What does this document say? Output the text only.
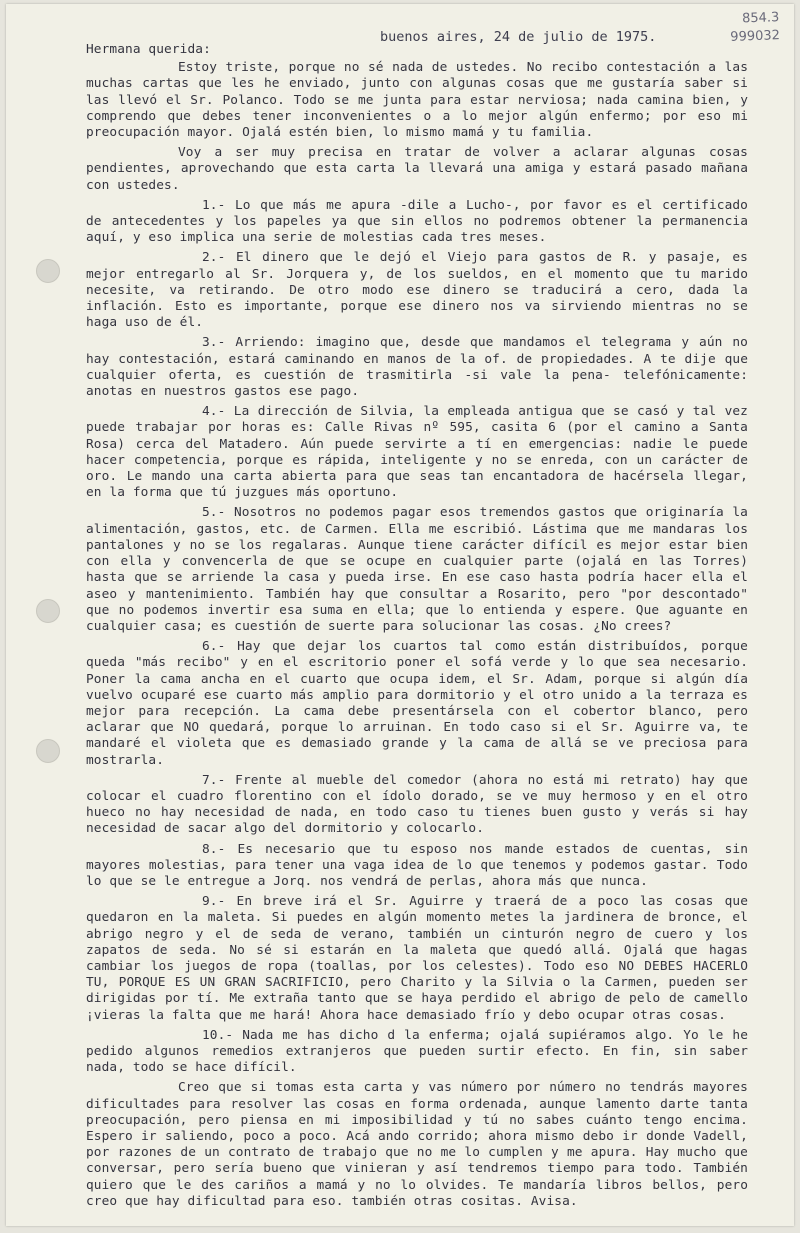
854.3
999032
buenos aires, 24 de julio de 1975.

Hermana querida:

Estoy triste, porque no sé nada de ustedes. No recibo contestación a las muchas cartas que les he enviado, junto con algunas cosas que me gustaría saber si las llevó el Sr. Polanco. Todo se me junta para estar nerviosa; nada camina bien, y comprendo que debes tener inconvenientes o a lo mejor algún enfermo; por eso mi preocupación mayor. Ojalá estén bien, lo mismo mamá y tu familia.

Voy a ser muy precisa en tratar de volver a aclarar algunas cosas pendientes, aprovechando que esta carta la llevará una amiga y estará pasado mañana con ustedes.

1.- Lo que más me apura -dile a Lucho-, por favor es el certificado de antecedentes y los papeles ya que sin ellos no podremos obtener la permanencia aquí, y eso implica una serie de molestias cada tres meses.

2.- El dinero que le dejó el Viejo para gastos de R. y pasaje, es mejor entregarlo al Sr. Jorquera y, de los sueldos, en el momento que tu marido necesite, va retirando. De otro modo ese dinero se traducirá a cero, dada la inflación. Esto es importante, porque ese dinero nos va sirviendo mientras no se haga uso de él.

3.- Arriendo: imagino que, desde que mandamos el telegrama y aún no hay contestación, estará caminando en manos de la of. de propiedades. A te dije que cualquier oferta, es cuestión de trasmitirla -si vale la pena- telefónicamente: anotas en nuestros gastos ese pago.

4.- La dirección de Silvia, la empleada antigua que se casó y tal vez puede trabajar por horas es: Calle Rivas nº 595, casita 6 (por el camino a Santa Rosa) cerca del Matadero. Aún puede servirte a tí en emergencias: nadie le puede hacer competencia, porque es rápida, inteligente y no se enreda, con un carácter de oro. Le mando una carta abierta para que seas tan encantadora de hacérsela llegar, en la forma que tú juzgues más oportuno.

5.- Nosotros no podemos pagar esos tremendos gastos que originaría la alimentación, gastos, etc. de Carmen. Ella me escribió. Lástima que me mandaras los pantalones y no se los regalaras. Aunque tiene carácter difícil es mejor estar bien con ella y convencerla de que se ocupe en cualquier parte (ojalá en las Torres) hasta que se arriende la casa y pueda irse. En ese caso hasta podría hacer ella el aseo y mantenimiento. También hay que consultar a Rosarito, pero "por descontado" que no podemos invertir esa suma en ella; que lo entienda y espere. Que aguante en cualquier casa; es cuestión de suerte para solucionar las cosas. ¿No crees?

6.- Hay que dejar los cuartos tal como están distribuídos, porque queda "más recibo" y en el escritorio poner el sofá verde y lo que sea necesario. Poner la cama ancha en el cuarto que ocupa idem, el Sr. Adam, porque si algún día vuelvo ocuparé ese cuarto más amplio para dormitorio y el otro unido a la terraza es mejor para recepción. La cama debe presentársela con el cobertor blanco, pero aclarar que NO quedará, porque lo arruinan. En todo caso si el Sr. Aguirre va, te mandaré el violeta que es demasiado grande y la cama de allá se ve preciosa para mostrarla.

7.- Frente al mueble del comedor (ahora no está mi retrato) hay que colocar el cuadro florentino con el ídolo dorado, se ve muy hermoso y en el otro hueco no hay necesidad de nada, en todo caso tu tienes buen gusto y verás si hay necesidad de sacar algo del dormitorio y colocarlo.

8.- Es necesario que tu esposo nos mande estados de cuentas, sin mayores molestias, para tener una vaga idea de lo que tenemos y podemos gastar. Todo lo que se le entregue a Jorq. nos vendrá de perlas, ahora más que nunca.

9.- En breve irá el Sr. Aguirre y traerá de a poco las cosas que quedaron en la maleta. Si puedes en algún momento metes la jardinera de bronce, el abrigo negro y el de seda de verano, también un cinturón negro de cuero y los zapatos de seda. No sé si estarán en la maleta que quedó allá. Ojalá que hagas cambiar los juegos de ropa (toallas, por los celestes). Todo eso NO DEBES HACERLO TU, PORQUE ES UN GRAN SACRIFICIO, pero Charito y la Silvia o la Carmen, pueden ser dirigidas por tí. Me extraña tanto que se haya perdido el abrigo de pelo de camello ¡vieras la falta que me hará! Ahora hace demasiado frío y debo ocupar otras cosas.

10.- Nada me has dicho d la enferma; ojalá supiéramos algo. Yo le he pedido algunos remedios extranjeros que pueden surtir efecto. En fin, sin saber nada, todo se hace difícil.

Creo que si tomas esta carta y vas número por número no tendrás mayores dificultades para resolver las cosas en forma ordenada, aunque lamento darte tanta preocupación, pero piensa en mi imposibilidad y tú no sabes cuánto tengo encima. Espero ir saliendo, poco a poco. Acá ando corrido; ahora mismo debo ir donde Vadell, por razones de un contrato de trabajo que no me lo cumplen y me apura. Hay mucho que conversar, pero sería bueno que vinieran y así tendremos tiempo para todo. También quiero que le des cariños a mamá y no lo olvides. Te mandaría libros bellos, pero creo que hay dificultad para eso. también otras cositas. Avisa.
